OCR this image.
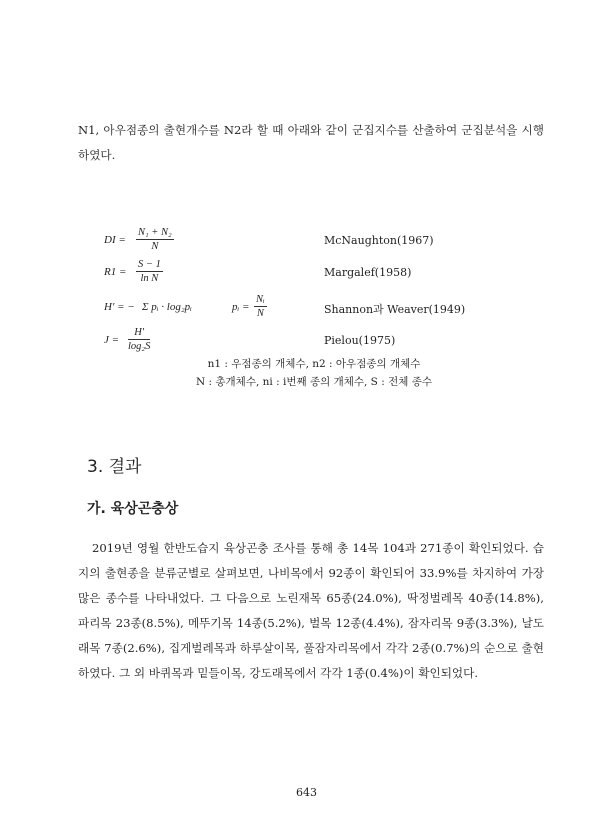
N1, 아우점종의 출현개수를 N2라 할 때 아래와 같이 군집지수를 산출하여 군집분석을 시행하였다.

DI = $\frac{\text{N₁ + N₂}}{N}$	McNaughton(1967)
$R1 = \frac{S - 1}{\text{ln N}}$	Margalef(1958)
H′ = − Σ pᵢ · log₂pᵢ	pᵢ = $\frac{\text{Nᵢ}}{N}$	Shannon과 Weaver(1949)
$J = \frac{H'}{\text{log₂S}}$	Pielou(1975)
n1 : 우점종의 개체수, n2 : 아우점종의 개체수
N : 총개체수, ni : i번째 종의 개체수, S : 전체 종수
3. 결과
가. 육상곤충상

2019년 영월 한반도습지 육상곤충 조사를 통해 총 14목 104과 271종이 확인되었다. 습지의 출현종을 분류군별로 살펴보면, 나비목에서 92종이 확인되어 33.9%를 차지하여 가장 많은 종수를 나타내었다. 그 다음으로 노린재목 65종(24.0%), 딱정벌레목 40종(14.8%), 파리목 23종(8.5%), 메뚜기목 14종(5.2%), 벌목 12종(4.4%), 잠자리목 9종(3.3%), 날도래목 7종(2.6%), 집게벌레목과 하루살이목, 풀잠자리목에서 각각 2종(0.7%)의 순으로 출현하였다. 그 외 바퀴목과 밑들이목, 강도래목에서 각각 1종(0.4%)이 확인되었다.

643
